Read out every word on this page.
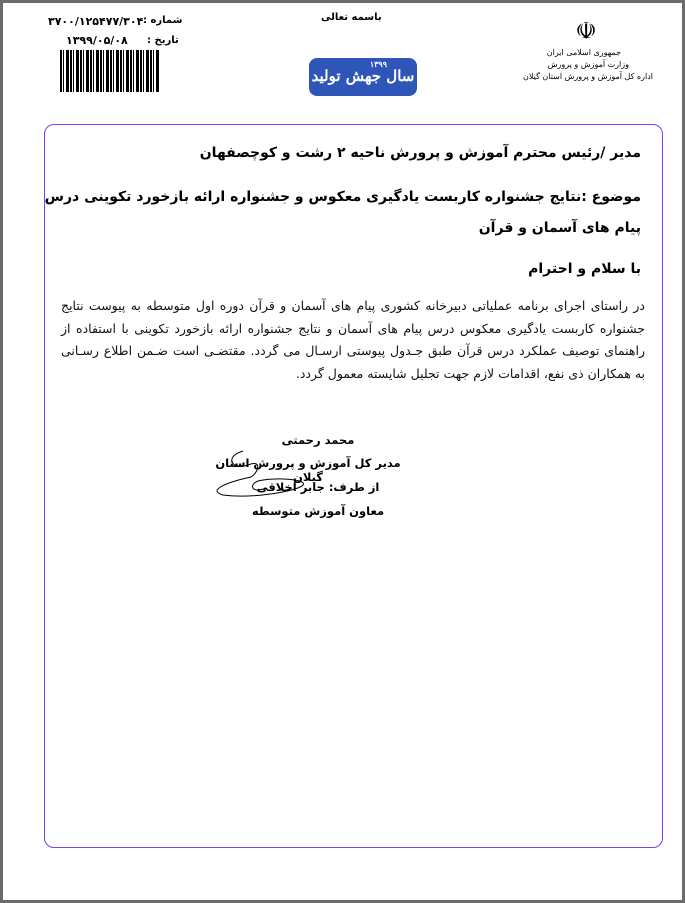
باسمه تعالی
شماره :
۳۷۰۰/۱۲۵۴۷۷/۳۰۴
تاریخ :
۱۳۹۹/۰۵/۰۸
۱۳۹۹
سال جهش تولید
☫
جمهوری اسلامی ایران
وزارت آموزش و پرورش
اداره کل آموزش و پرورش استان گیلان
مدیر /رئیس محترم آموزش و پرورش ناحیه ۲ رشت و کوچصفهان
موضوع :نتایج جشنواره کاربست یادگیری معکوس و جشنواره ارائه بازخورد تکوینی درس
پیام های آسمان و قرآن
با سلام و احترام
در راستای اجرای برنامه عملیاتی دبیرخانه کشوری پیام های آسمان و قرآن دوره اول متوسطه به پیوست نتایج جشنواره کاربست یادگیری معکوس درس پیام های آسمان و نتایج جشنواره ارائه بازخورد تکوینی با استفاده از راهنمای توصیف عملکرد درس قرآن طبق جـدول پیوستی ارسـال می گردد. مقتضـی است ضـمن اطلاع رسـانی به همکاران ذی نفع، اقدامات لازم جهت تجلیل شایسته معمول گردد.
محمد رحمتی
مدیر کل آموزش و پرورش استان گیلان
از طرف: جابر اخلاقی
معاون آموزش متوسطه
